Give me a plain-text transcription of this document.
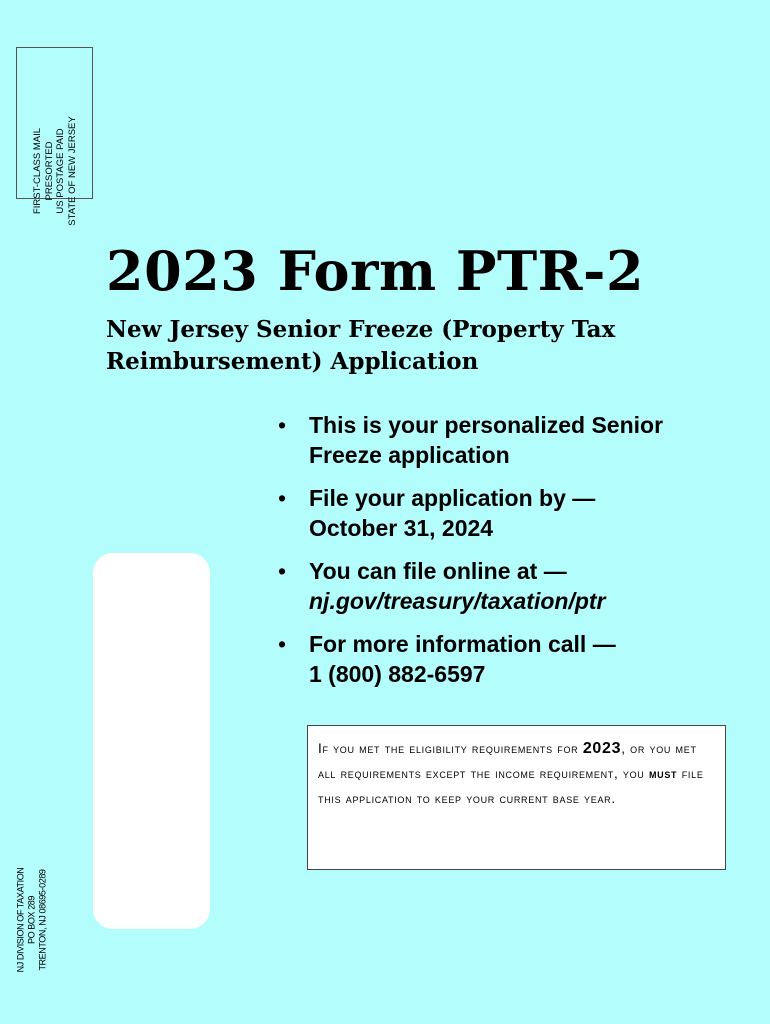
FIRST-CLASS MAIL PRESORTED US POSTAGE PAID STATE OF NEW JERSEY
2023 Form PTR-2
New Jersey Senior Freeze (Property Tax Reimbursement) Application
• This is your personalized Senior
Freeze application
• File your application by —
October 31, 2024
• You can file online at —
nj.gov/treasury/taxation/ptr
• For more information call —
1 (800) 882-6597
If you met the eligibility requirements for 2023, or you met all requirements except the income requirement, you must file this application to keep your current base year.
NJ DIVISION OF TAXATION PO BOX 289 TRENTON, NJ 08695-0289
